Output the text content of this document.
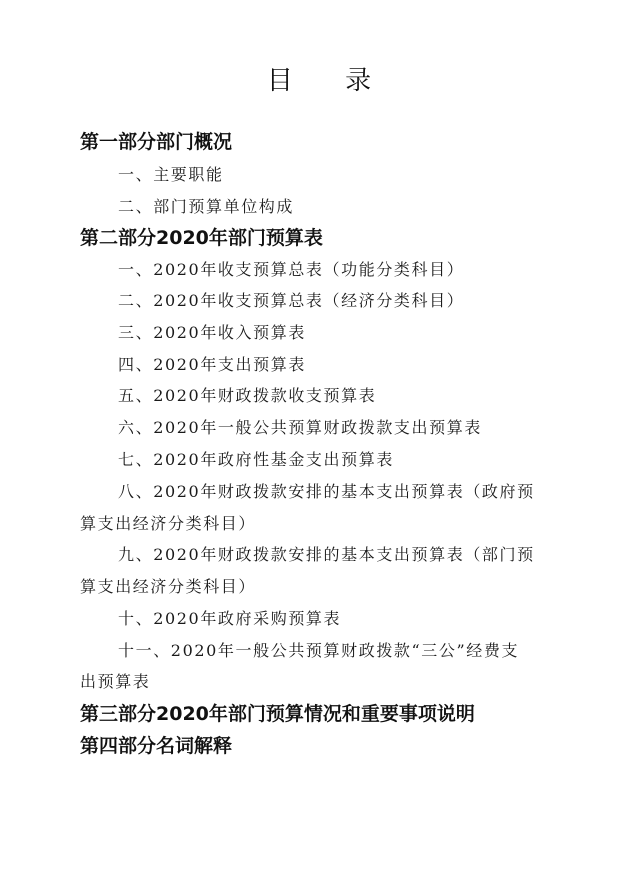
目 录
第一部分部门概况
一、主要职能
二、部门预算单位构成
第二部分2020年部门预算表
一、2020年收支预算总表（功能分类科目）
二、2020年收支预算总表（经济分类科目）
三、2020年收入预算表
四、2020年支出预算表
五、2020年财政拨款收支预算表
六、2020年一般公共预算财政拨款支出预算表
七、2020年政府性基金支出预算表
八、2020年财政拨款安排的基本支出预算表（政府预
算支出经济分类科目）
九、2020年财政拨款安排的基本支出预算表（部门预
算支出经济分类科目）
十、2020年政府采购预算表
十一、2020年一般公共预算财政拨款“三公”经费支
出预算表
第三部分2020年部门预算情况和重要事项说明
第四部分名词解释
